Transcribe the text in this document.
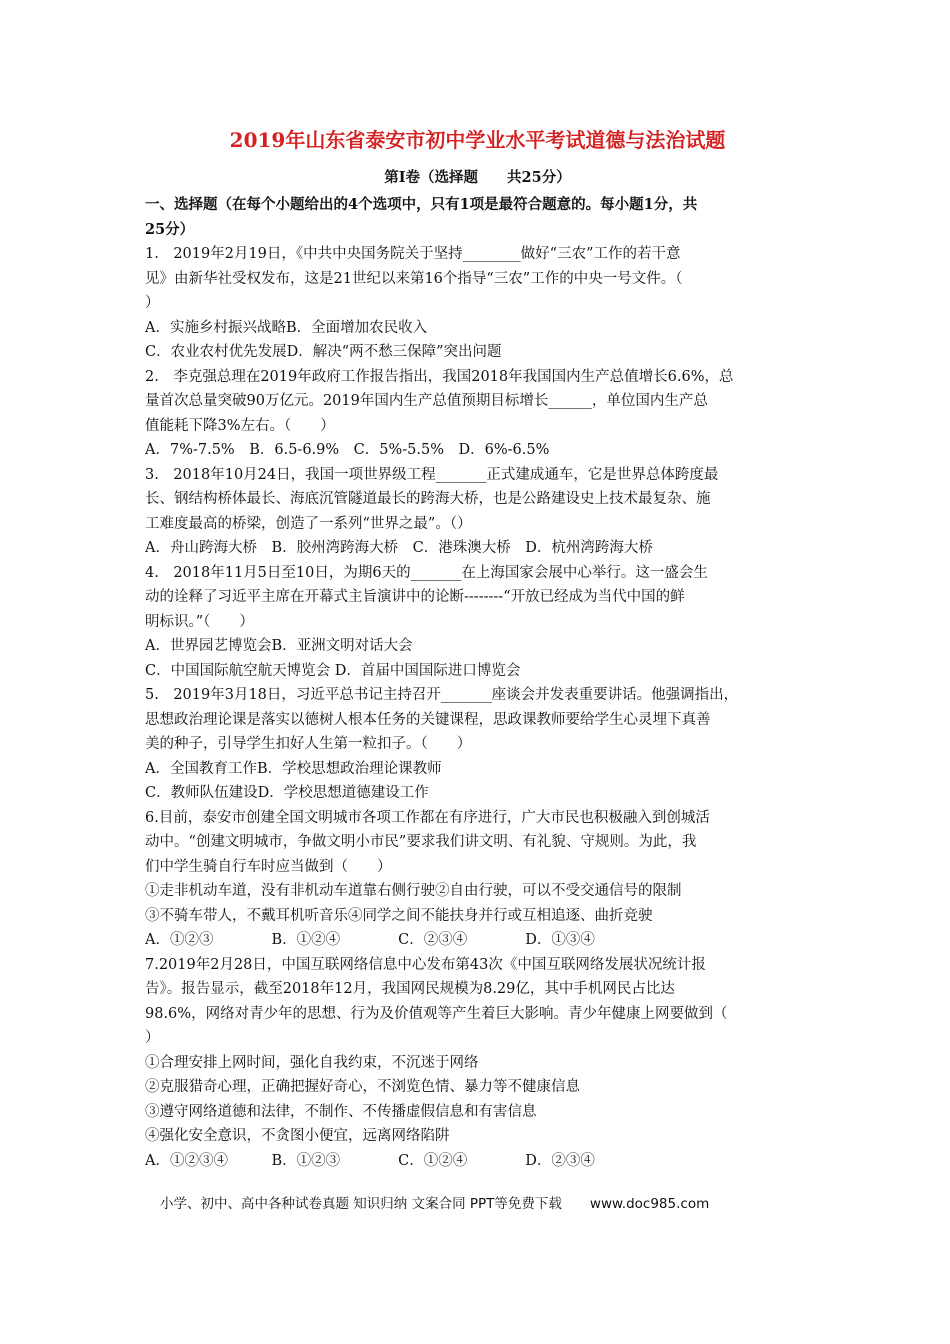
2019年山东省泰安市初中学业水平考试道德与法治试题
第Ⅰ卷（选择题　　共25分）
一、选择题（在每个小题给出的4个选项中，只有1项是最符合题意的。每小题1分，共
25分）
1.　2019年2月19日，《中共中央国务院关于坚持________做好“三农”工作的若干意
见》由新华社受权发布，这是21世纪以来第16个指导“三农”工作的中央一号文件。（
）
A．实施乡村振兴战略B．全面增加农民收入
C．农业农村优先发展D．解决“两不愁三保障”突出问题
2.　李克强总理在2019年政府工作报告指出，我国2018年我国国内生产总值增长6.6%，总
量首次总量突破90万亿元。2019年国内生产总值预期目标增长______，单位国内生产总
值能耗下降3%左右。（　　）
A．7%-7.5%　B．6.5-6.9%　C．5%-5.5%　D．6%-6.5%
3.　2018年10月24日，我国一项世界级工程_______正式建成通车，它是世界总体跨度最
长、钢结构桥体最长、海底沉管隧道最长的跨海大桥，也是公路建设史上技术最复杂、施
工难度最高的桥梁，创造了一系列“世界之最”。（）
A．舟山跨海大桥　B．胶州湾跨海大桥　C．港珠澳大桥　D．杭州湾跨海大桥
4.　2018年11月5日至10日，为期6天的_______在上海国家会展中心举行。这一盛会生
动的诠释了习近平主席在开幕式主旨演讲中的论断--------“开放已经成为当代中国的鲜
明标识。”（　　）
A．世界园艺博览会B．亚洲文明对话大会
C．中国国际航空航天博览会 D．首届中国国际进口博览会
5.　2019年3月18日，习近平总书记主持召开_______座谈会并发表重要讲话。他强调指出，
思想政治理论课是落实以德树人根本任务的关键课程，思政课教师要给学生心灵埋下真善
美的种子，引导学生扣好人生第一粒扣子。（　　）
A．全国教育工作B．学校思想政治理论课教师
C．教师队伍建设D．学校思想道德建设工作
6.目前，泰安市创建全国文明城市各项工作都在有序进行，广大市民也积极融入到创城活
动中。“创建文明城市，争做文明小市民”要求我们讲文明、有礼貌、守规则。为此，我
们中学生骑自行车时应当做到（　　）
①走非机动车道，没有非机动车道靠右侧行驶②自由行驶，可以不受交通信号的限制
③不骑车带人，不戴耳机听音乐④同学之间不能扶身并行或互相追逐、曲折竞驶
A．①②③　　　　B．①②④　　　　C．②③④　　　　D．①③④
7.2019年2月28日，中国互联网络信息中心发布第43次《中国互联网络发展状况统计报
告》。报告显示，截至2018年12月，我国网民规模为8.29亿，其中手机网民占比达
98.6%，网络对青少年的思想、行为及价值观等产生着巨大影响。青少年健康上网要做到（
）
①合理安排上网时间，强化自我约束，不沉迷于网络
②克服猎奇心理，正确把握好奇心，不浏览色情、暴力等不健康信息
③遵守网络道德和法律，不制作、不传播虚假信息和有害信息
④强化安全意识，不贪图小便宜，远离网络陷阱
A．①②③④　　　B．①②③　　　　C．①②④　　　　D．②③④
小学、初中、高中各种试卷真题 知识归纳 文案合同 PPT等免费下载 www.doc985.com
